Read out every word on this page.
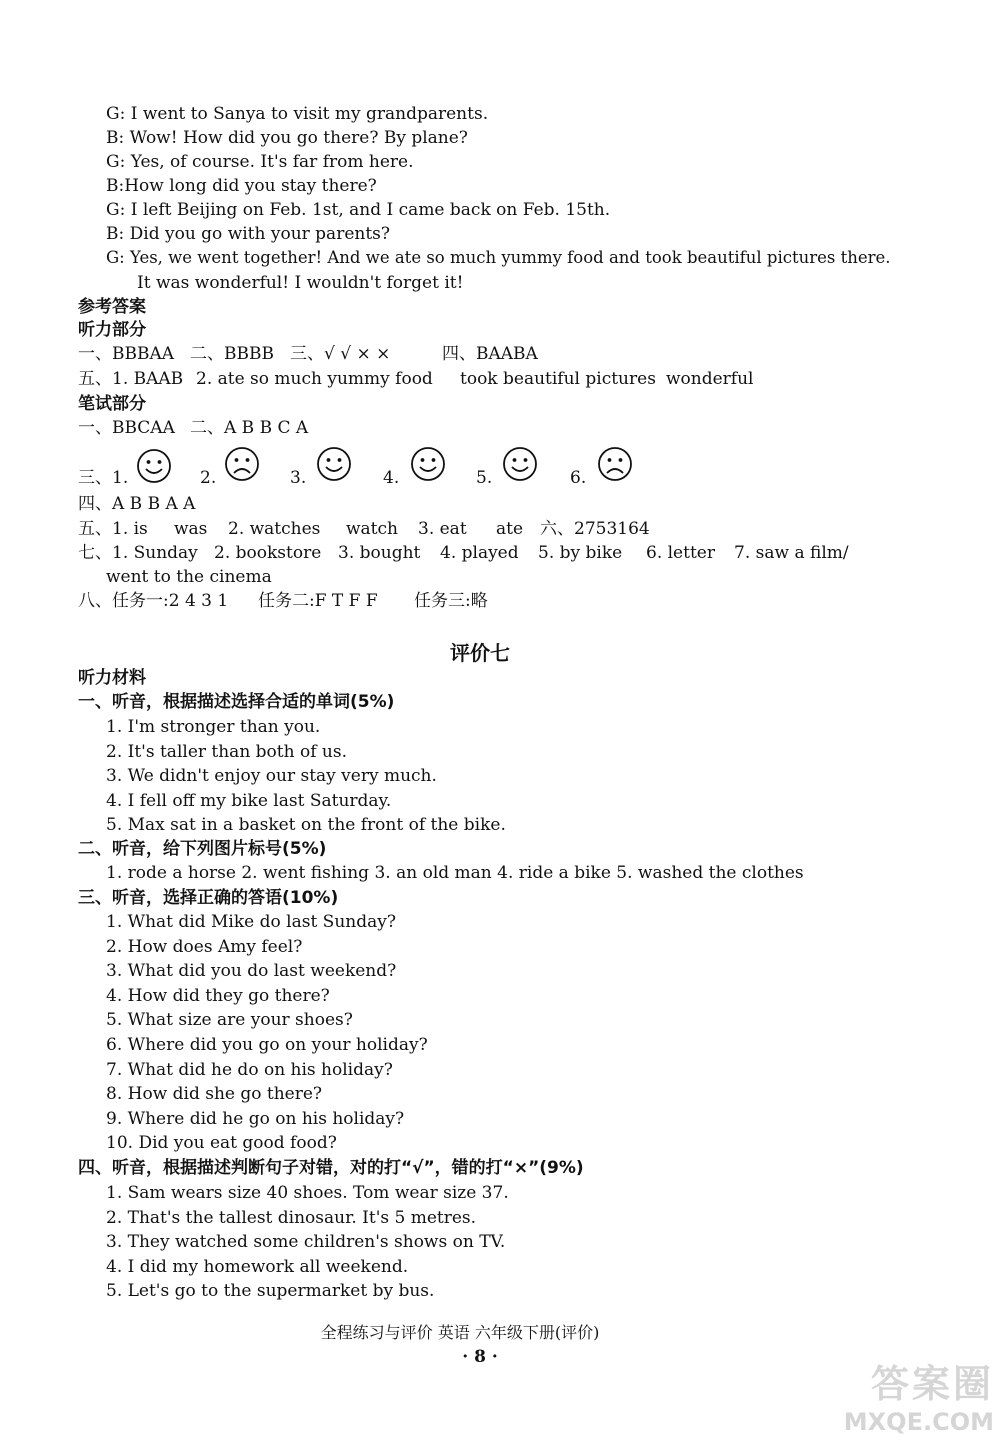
G: I went to Sanya to visit my grandparents.
B: Wow! How did you go there? By plane?
G: Yes, of course. It's far from here.
B:How long did you stay there?
G: I left Beijing on Feb. 1st, and I came back on Feb. 15th.
B: Did you go with your parents?
G: Yes, we went together! And we ate so much yummy food and took beautiful pictures there.
It was wonderful! I wouldn't forget it!
参考答案
听力部分
一、BBBAA 二、BBBB 三、√ √ × ×	四、BAABA
五、1. BAAB 2. ate so much yummy food took beautiful pictures wonderful
笔试部分
一、BBCAA 二、A B B C A
三、1.	2.	3.	4.	5.	6.
四、A B B A A
五、1. is was 2. watches watch 3. eat ate 六、2753164
七、1. Sunday 2. bookstore 3. bought 4. played 5. by bike 6. letter 7. saw a film/
went to the cinema
八、任务一:2 4 3 1 任务二:F T F F 任务三:略
评价七
听力材料
一、听音，根据描述选择合适的单词(5%)
1. I'm stronger than you.
2. It's taller than both of us.
3. We didn't enjoy our stay very much.
4. I fell off my bike last Saturday.
5. Max sat in a basket on the front of the bike.
二、听音，给下列图片标号(5%)
1. rode a horse 2. went fishing 3. an old man 4. ride a bike 5. washed the clothes
三、听音，选择正确的答语(10%)
1. What did Mike do last Sunday?
2. How does Amy feel?
3. What did you do last weekend?
4. How did they go there?
5. What size are your shoes?
6. Where did you go on your holiday?
7. What did he do on his holiday?
8. How did she go there?
9. Where did he go on his holiday?
10. Did you eat good food?
四、听音，根据描述判断句子对错，对的打“√”，错的打“×”(9%)
1. Sam wears size 40 shoes. Tom wear size 37.
2. That's the tallest dinosaur. It's 5 metres.
3. They watched some children's shows on TV.
4. I did my homework all weekend.
5. Let's go to the supermarket by bus.
全程练习与评价 英语 六年级下册(评价)
· 8 ·
答案圈
MXQE.COM
